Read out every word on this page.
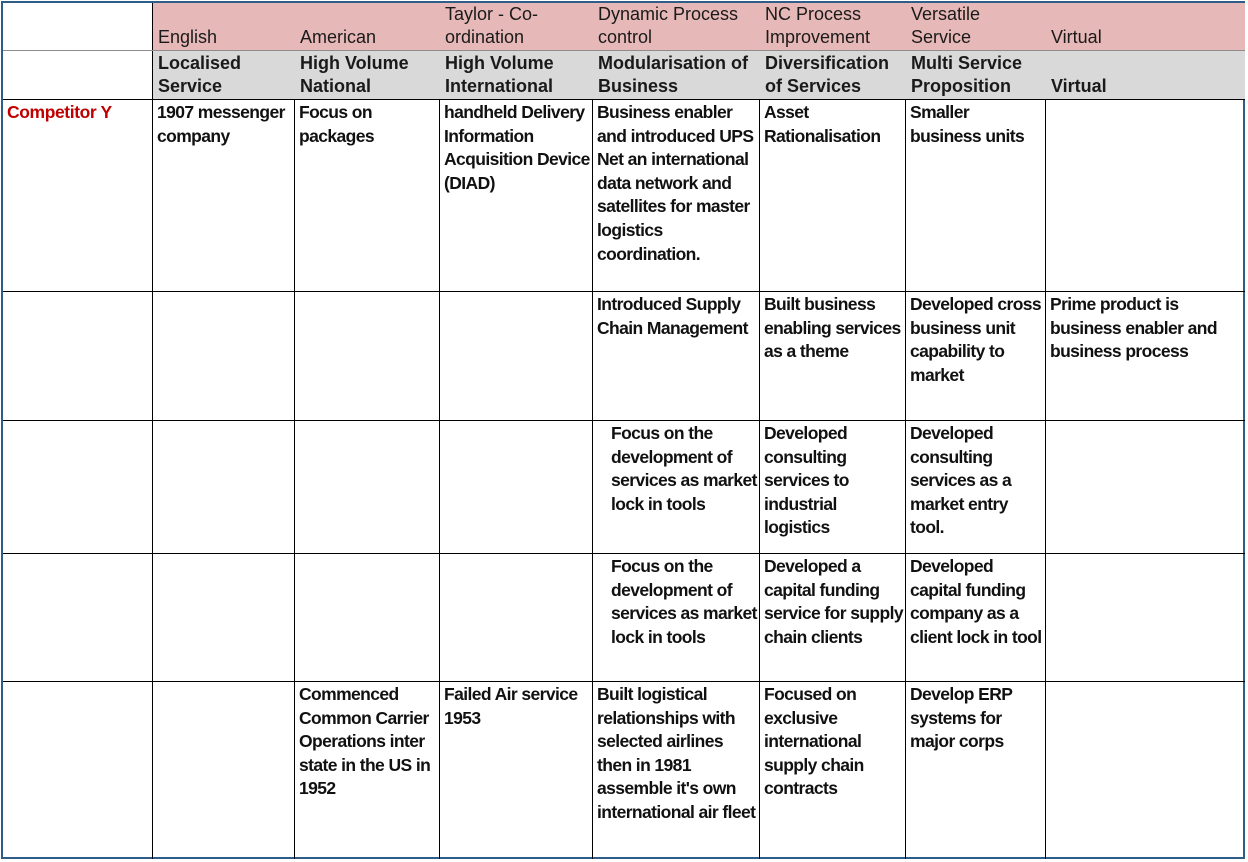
English
Localised Service
American
High Volume National
Taylor - Co-ordination
High Volume International
Dynamic Process control
Modularisation of Business
NC Process Improvement
Diversification of Services
Versatile Service
Multi Service Proposition
Virtual
Virtual
Competitor Y	1907 messenger company
Focus on packages
handheld Delivery Information Acquisition Device (DIAD)
Business enabler and introduced UPS Net an international data network and satellites for master logistics coordination.
Asset Rationalisation
Smaller business units
Introduced Supply Chain Management
Built business enabling services as a theme
Developed cross business unit capability to market
Prime product is business enabler and business process
Focus on the development of services as market lock in tools
Developed consulting services to industrial logistics
Developed consulting services as a market entry tool.
Focus on the development of services as market lock in tools
Developed a capital funding service for supply chain clients
Developed capital funding company as a client lock in tool
Commenced Common Carrier Operations inter state in the US in 1952
Failed Air service 1953
Built logistical relationships with selected airlines then in 1981 assemble it's own international air fleet
Focused on exclusive international supply chain contracts
Develop ERP systems for major corps
